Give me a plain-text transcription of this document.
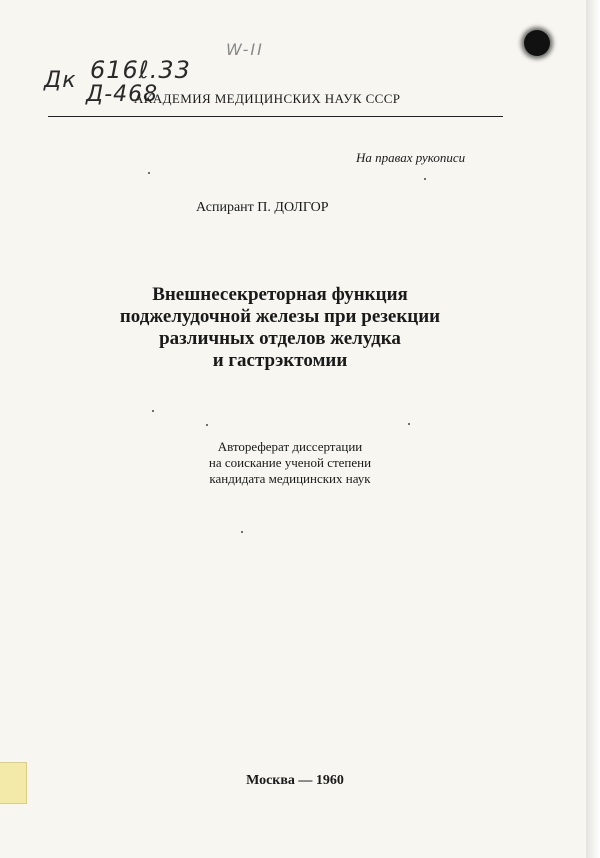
Дк 616ℓ.33
Д-468
W-II
АКАДЕМИЯ МЕДИЦИНСКИХ НАУК СССР
На правах рукописи
Аспирант П. ДОЛГОР
Внешнесекреторная функция
поджелудочной железы при резекции
различных отделов желудка
и гастрэктомии
Автореферат диссертации
на соискание ученой степени
кандидата медицинских наук
Москва — 1960
